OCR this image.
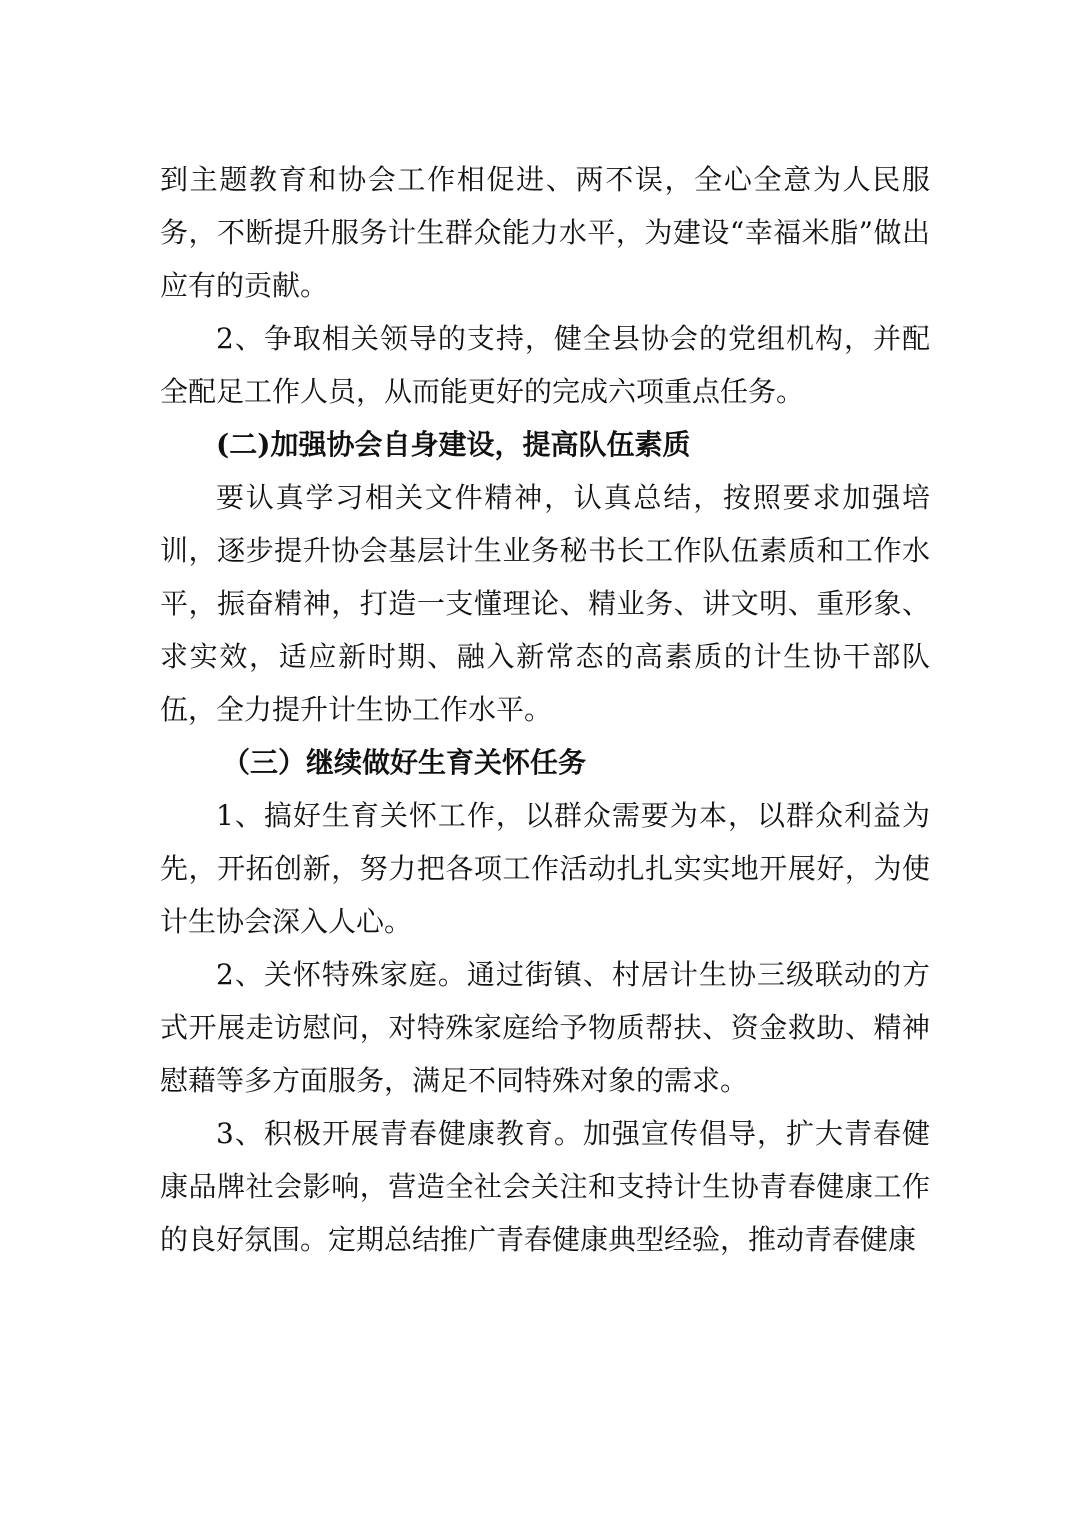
到主题教育和协会工作相促进、两不误，全心全意为人民服务，不断提升服务计生群众能力水平，为建设“幸福米脂”做出应有的贡献。

2、争取相关领导的支持，健全县协会的党组机构，并配全配足工作人员，从而能更好的完成六项重点任务。

(二)加强协会自身建设，提高队伍素质

要认真学习相关文件精神，认真总结，按照要求加强培训，逐步提升协会基层计生业务秘书长工作队伍素质和工作水平，振奋精神，打造一支懂理论、精业务、讲文明、重形象、求实效，适应新时期、融入新常态的高素质的计生协干部队伍，全力提升计生协工作水平。

（三）继续做好生育关怀任务

1、搞好生育关怀工作，以群众需要为本，以群众利益为先，开拓创新，努力把各项工作活动扎扎实实地开展好，为使计生协会深入人心。

2、关怀特殊家庭。通过街镇、村居计生协三级联动的方式开展走访慰问，对特殊家庭给予物质帮扶、资金救助、精神慰藉等多方面服务，满足不同特殊对象的需求。

3、积极开展青春健康教育。加强宣传倡导，扩大青春健康品牌社会影响，营造全社会关注和支持计生协青春健康工作的良好氛围。定期总结推广青春健康典型经验，推动青春健康
